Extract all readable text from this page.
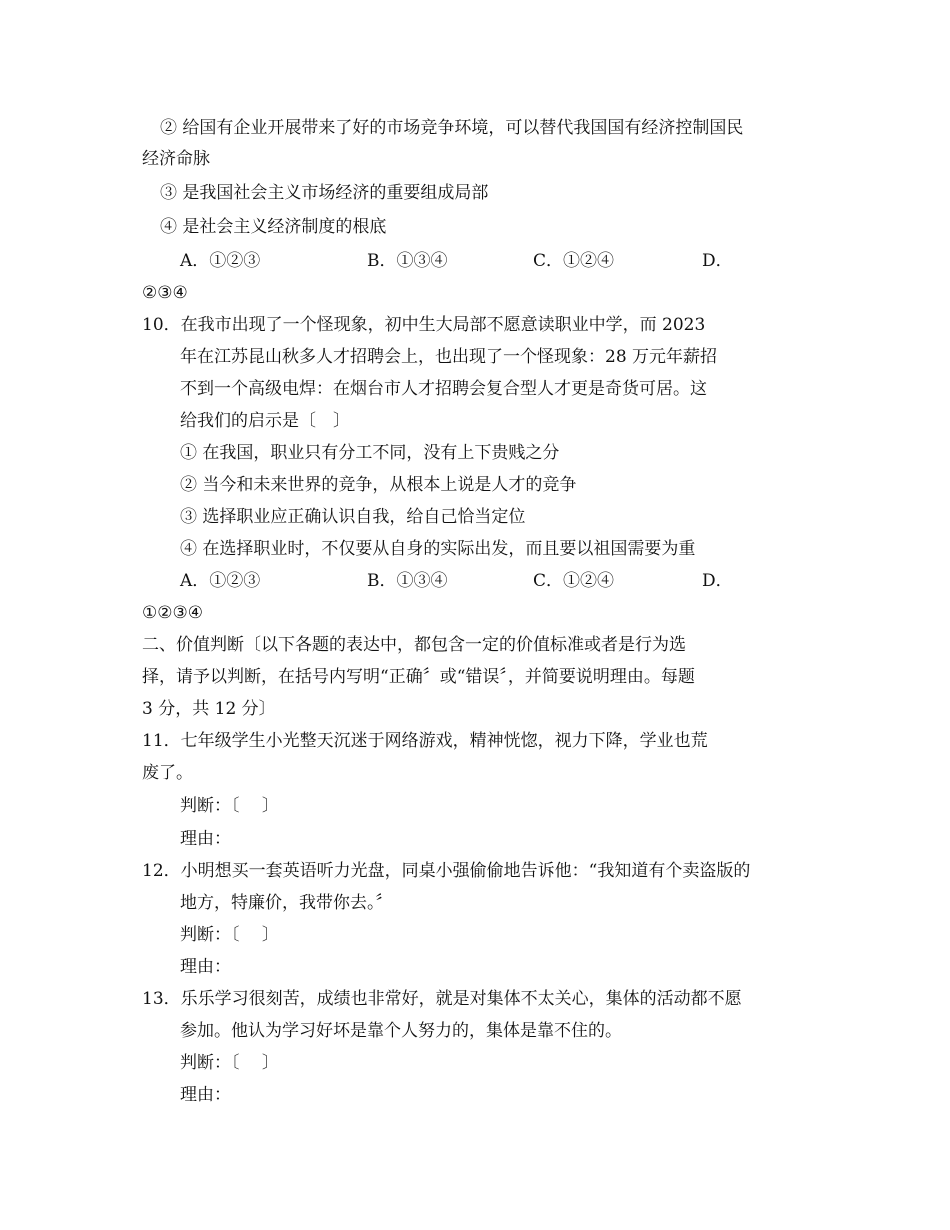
② 给国有企业开展带来了好的市场竞争环境，可以替代我国国有经济控制国民
经济命脉
③ 是我国社会主义市场经济的重要组成局部
④ 是社会主义经济制度的根底
A．①②③	B．①③④	C．①②④	D．
②③④
10．在我市出现了一个怪现象，初中生大局部不愿意读职业中学，而 2023
年在江苏昆山秋多人才招聘会上，也出现了一个怪现象：28 万元年薪招
不到一个高级电焊：在烟台市人才招聘会复合型人才更是奇货可居。这
给我们的启示是〔　〕
① 在我国，职业只有分工不同，没有上下贵贱之分
② 当今和未来世界的竞争，从根本上说是人才的竞争
③ 选择职业应正确认识自我，给自己恰当定位
④ 在选择职业时，不仅要从自身的实际出发，而且要以祖国需要为重
A．①②③	B．①③④	C．①②④	D．
①②③④
二、价值判断〔以下各题的表达中，都包含一定的价值标准或者是行为选
择，请予以判断，在括号内写明“正确〞或“错误〞，并简要说明理由。每题
3 分，共 12 分〕
11．七年级学生小光整天沉迷于网络游戏，精神恍惚，视力下降，学业也荒
废了。
判断：〔　 〕
理由：
12．小明想买一套英语听力光盘，同桌小强偷偷地告诉他：“我知道有个卖盗版的
地方，特廉价，我带你去。〞
判断：〔　 〕
理由：
13．乐乐学习很刻苦，成绩也非常好，就是对集体不太关心，集体的活动都不愿
参加。他认为学习好坏是靠个人努力的，集体是靠不住的。
判断：〔　 〕
理由：
